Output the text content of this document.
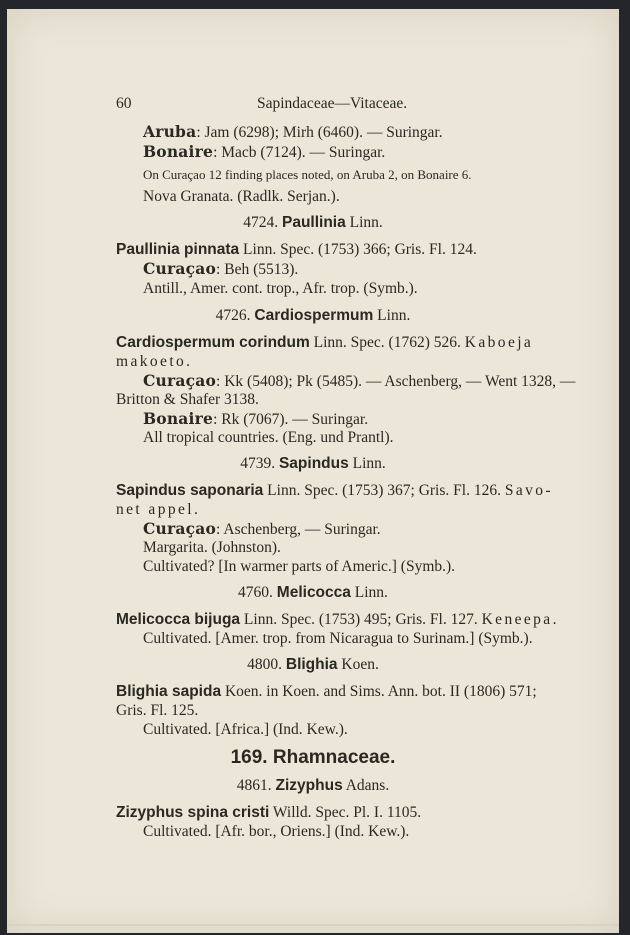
60	Sapindaceae—Vitaceae.
Aruba: Jam (6298); Mirh (6460). — Suringar.
Bonaire: Macb (7124). — Suringar.
On Curaçao 12 finding places noted, on Aruba 2, on Bonaire 6.
Nova Granata. (Radlk. Serjan.).
4724. Paullinia Linn.
Paullinia pinnata Linn. Spec. (1753) 366; Gris. Fl. 124.
Curaçao: Beh (5513).
Antill., Amer. cont. trop., Afr. trop. (Symb.).
4726. Cardiospermum Linn.
Cardiospermum corindum Linn. Spec. (1762) 526. Kaboeja
makoeto.
Curaçao: Kk (5408); Pk (5485). — Aschenberg, — Went 1328, —
Britton & Shafer 3138.
Bonaire: Rk (7067). — Suringar.
All tropical countries. (Eng. und Prantl).
4739. Sapindus Linn.
Sapindus saponaria Linn. Spec. (1753) 367; Gris. Fl. 126. Savo-
net appel.
Curaçao: Aschenberg, — Suringar.
Margarita. (Johnston).
Cultivated? [In warmer parts of Americ.] (Symb.).
4760. Melicocca Linn.
Melicocca bijuga Linn. Spec. (1753) 495; Gris. Fl. 127. Keneepa.
Cultivated. [Amer. trop. from Nicaragua to Surinam.] (Symb.).
4800. Blighia Koen.
Blighia sapida Koen. in Koen. and Sims. Ann. bot. II (1806) 571;
Gris. Fl. 125.
Cultivated. [Africa.] (Ind. Kew.).
169. Rhamnaceae.
4861. Zizyphus Adans.
Zizyphus spina cristi Willd. Spec. Pl. I. 1105.
Cultivated. [Afr. bor., Oriens.] (Ind. Kew.).
